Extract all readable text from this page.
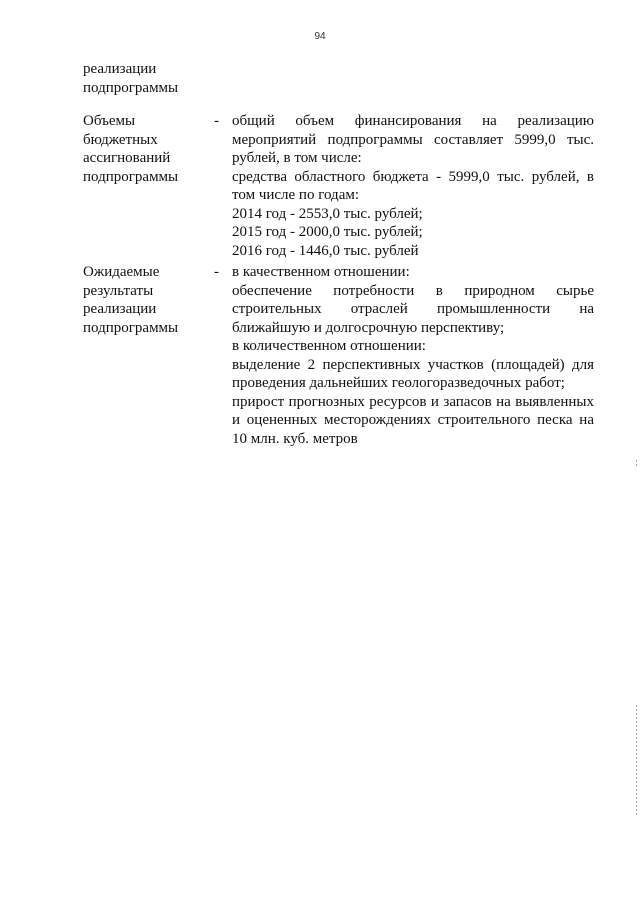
94
реализации
подпрограммы
Объемы
бюджетных
ассигнований
подпрограммы
- общий объем финансирования на реализацию
мероприятий подпрограммы составляет 5999,0 тыс.
рублей, в том числе:
средства областного бюджета - 5999,0 тыс. рублей, в
том числе по годам:
2014 год - 2553,0 тыс. рублей;
2015 год - 2000,0 тыс. рублей;
2016 год - 1446,0 тыс. рублей
Ожидаемые
результаты
реализации
подпрограммы
- в качественном отношении:
обеспечение потребности в природном сырье
строительных отраслей промышленности на
ближайшую и долгосрочную перспективу;
в количественном отношении:
выделение 2 перспективных участков (площадей) для
проведения дальнейших геологоразведочных работ;
прирост прогнозных ресурсов и запасов на выявленных
и оцененных месторождениях строительного песка на
10 млн. куб. метров
